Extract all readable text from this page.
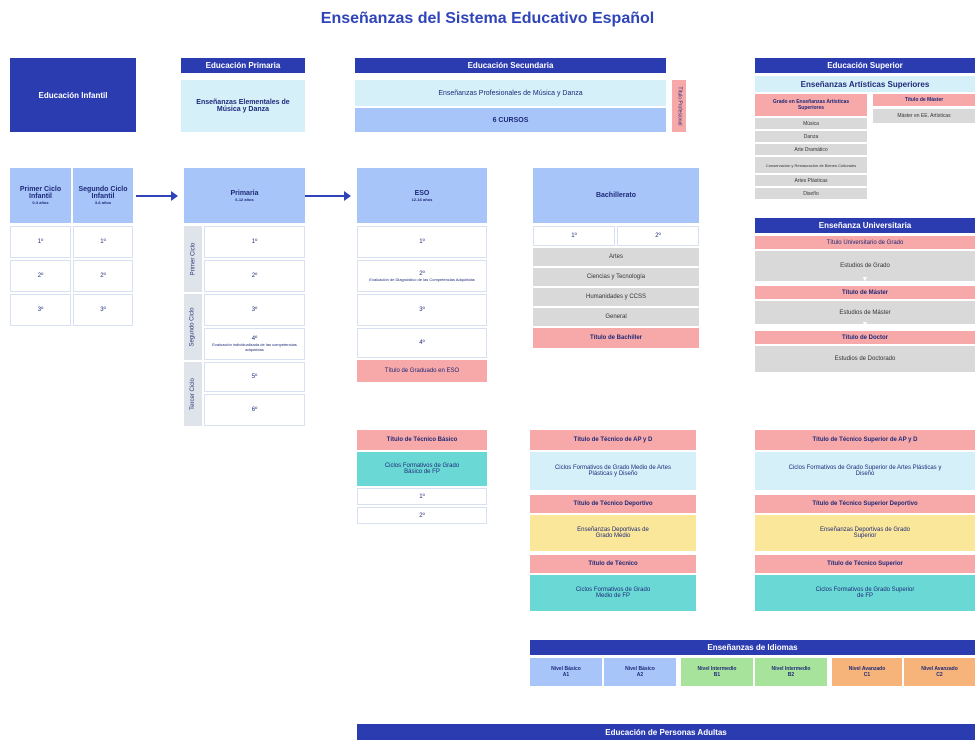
Enseñanzas del Sistema Educativo Español
Educación Infantil
Primer Ciclo Infantil
0-3 años
Segundo Ciclo Infantil
3-6 años
1º	1º
2º	2º
3º	3º
Educación Primaria
Enseñanzas Elementales de Música y Danza
Primaria
6-12 años
Primer Ciclo
Segundo Ciclo
Tercer Ciclo
1º
2º
3º
4º
Evaluación individualizada de las competencias adquiridas
5º
6º
Educación Secundaria
Enseñanzas Profesionales de Música y Danza
6 CURSOS	Título Profesional
ESO
12-16 años
1º
2º
Evaluación de Diagnóstico de las Competencias Adquiridas
3º
4º
Título de Graduado en ESO
Bachillerato
1º	2º
Artes
Ciencias y Tecnología
Humanidades y CCSS
General
Título de Bachiller
Educación Superior
Enseñanzas Artísticas Superiores
Grado en Enseñanzas Artísticas Superiores
Título de Máster
Máster en EE. Artísticas
Música
Danza
Arte Dramático
Conservación y Restauración de Bienes Culturales
Artes Plásticas
Diseño
Enseñanza Universitaria
Título Universitario de Grado
Estudios de Grado
▼
Título de Máster
Estudios de Máster
▼
Título de Doctor
Estudios de Doctorado
Título de Técnico Básico
Ciclos Formativos de Grado Básico de FP
1º
2º
Título de Técnico de AP y D
Ciclos Formativos de Grado Medio de Artes Plásticas y Diseño
Título de Técnico Deportivo
Enseñanzas Deportivas de Grado Medio
Título de Técnico
Ciclos Formativos de Grado Medio de FP
Título de Técnico Superior de AP y D
Ciclos Formativos de Grado Superior de Artes Plásticas y Diseño
Título de Técnico Superior Deportivo
Enseñanzas Deportivas de Grado Superior
Título de Técnico Superior
Ciclos Formativos de Grado Superior de FP
Enseñanzas de Idiomas
Nivel Básico
A1
Nivel Básico
A2
Nivel Intermedio
B1
Nivel Intermedio
B2
Nivel Avanzado
C1
Nivel Avanzado
C2
Educación de Personas Adultas
